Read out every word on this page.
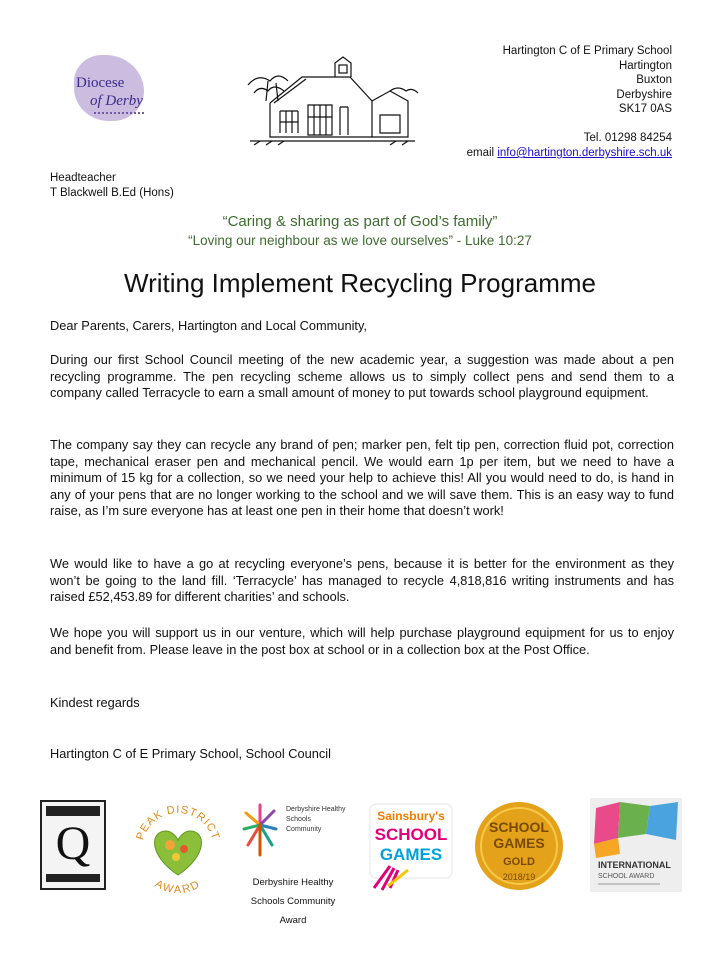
Diocese
of Derby
Hartington C of E Primary School
Hartington
Buxton
Derbyshire
SK17 0AS
Tel. 01298 84254
email info@hartington.derbyshire.sch.uk
Headteacher
T Blackwell B.Ed (Hons)
“Caring & sharing as part of God’s family”
“Loving our neighbour as we love ourselves” - Luke 10:27
Writing Implement Recycling Programme
Dear Parents, Carers, Hartington and Local Community,
During our first School Council meeting of the new academic year, a suggestion was made about a pen recycling programme. The pen recycling scheme allows us to simply collect pens and send them to a company called Terracycle to earn a small amount of money to put towards school playground equipment.
The company say they can recycle any brand of pen; marker pen, felt tip pen, correction fluid pot, correction tape, mechanical eraser pen and mechanical pencil. We would earn 1p per item, but we need to have a minimum of 15 kg for a collection, so we need your help to achieve this! All you would need to do, is hand in any of your pens that are no longer working to the school and we will save them. This is an easy way to fund raise, as I’m sure everyone has at least one pen in their home that doesn’t work!
We would like to have a go at recycling everyone’s pens, because it is better for the environment as they won’t be going to the land fill. ‘Terracycle’ has managed to recycle 4,818,816 writing instruments and has raised £52,453.89 for different charities’ and schools.
We hope you will support us in our venture, which will help purchase playground equipment for us to enjoy and benefit from. Please leave in the post box at school or in a collection box at the Post Office.
Kindest regards
Hartington C of E Primary School, School Council
Q	PEAK DISTRICT
AWARD
Derbyshire Healthy
Schools
Community
Derbyshire Healthy
Schools Community
Award
Sainsbury's
SCHOOL
GAMES
SCHOOL
GAMES
GOLD
2018/19
INTERNATIONAL
SCHOOL AWARD
